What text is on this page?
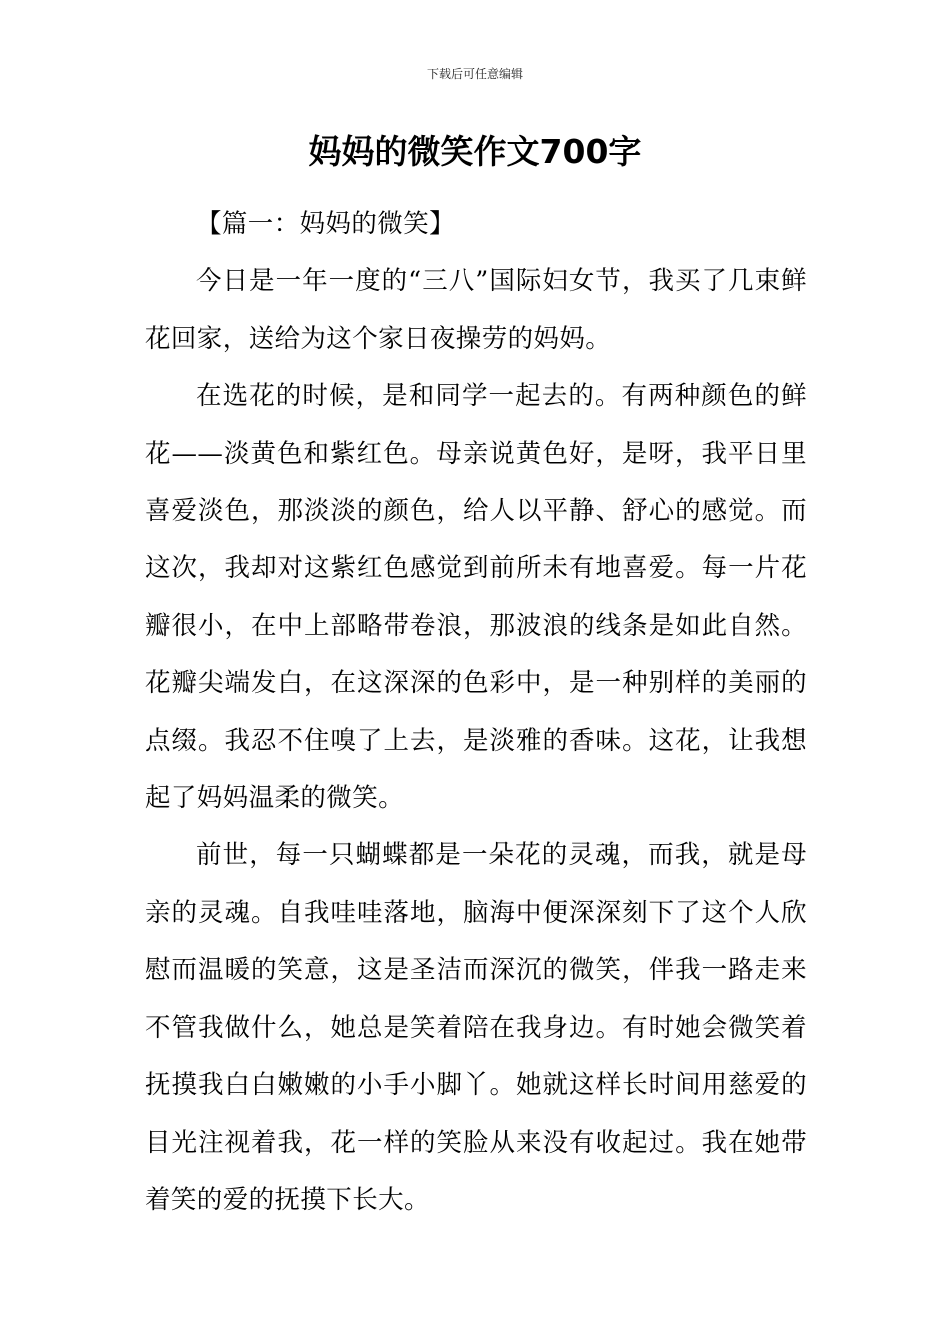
下载后可任意编辑
妈妈的微笑作文700字

【篇一：妈妈的微笑】

今日是一年一度的“三八”国际妇女节，我买了几束鲜花回家，送给为这个家日夜操劳的妈妈。

在选花的时候，是和同学一起去的。有两种颜色的鲜花——淡黄色和紫红色。母亲说黄色好，是呀，我平日里喜爱淡色，那淡淡的颜色，给人以平静、舒心的感觉。而这次，我却对这紫红色感觉到前所未有地喜爱。每一片花瓣很小，在中上部略带卷浪，那波浪的线条是如此自然。花瓣尖端发白，在这深深的色彩中，是一种别样的美丽的点缀。我忍不住嗅了上去，是淡雅的香味。这花，让我想起了妈妈温柔的微笑。

前世，每一只蝴蝶都是一朵花的灵魂，而我，就是母亲的灵魂。自我哇哇落地，脑海中便深深刻下了这个人欣慰而温暖的笑意，这是圣洁而深沉的微笑，伴我一路走来不管我做什么，她总是笑着陪在我身边。有时她会微笑着抚摸我白白嫩嫩的小手小脚丫。她就这样长时间用慈爱的目光注视着我，花一样的笑脸从来没有收起过。我在她带着笑的爱的抚摸下长大。
